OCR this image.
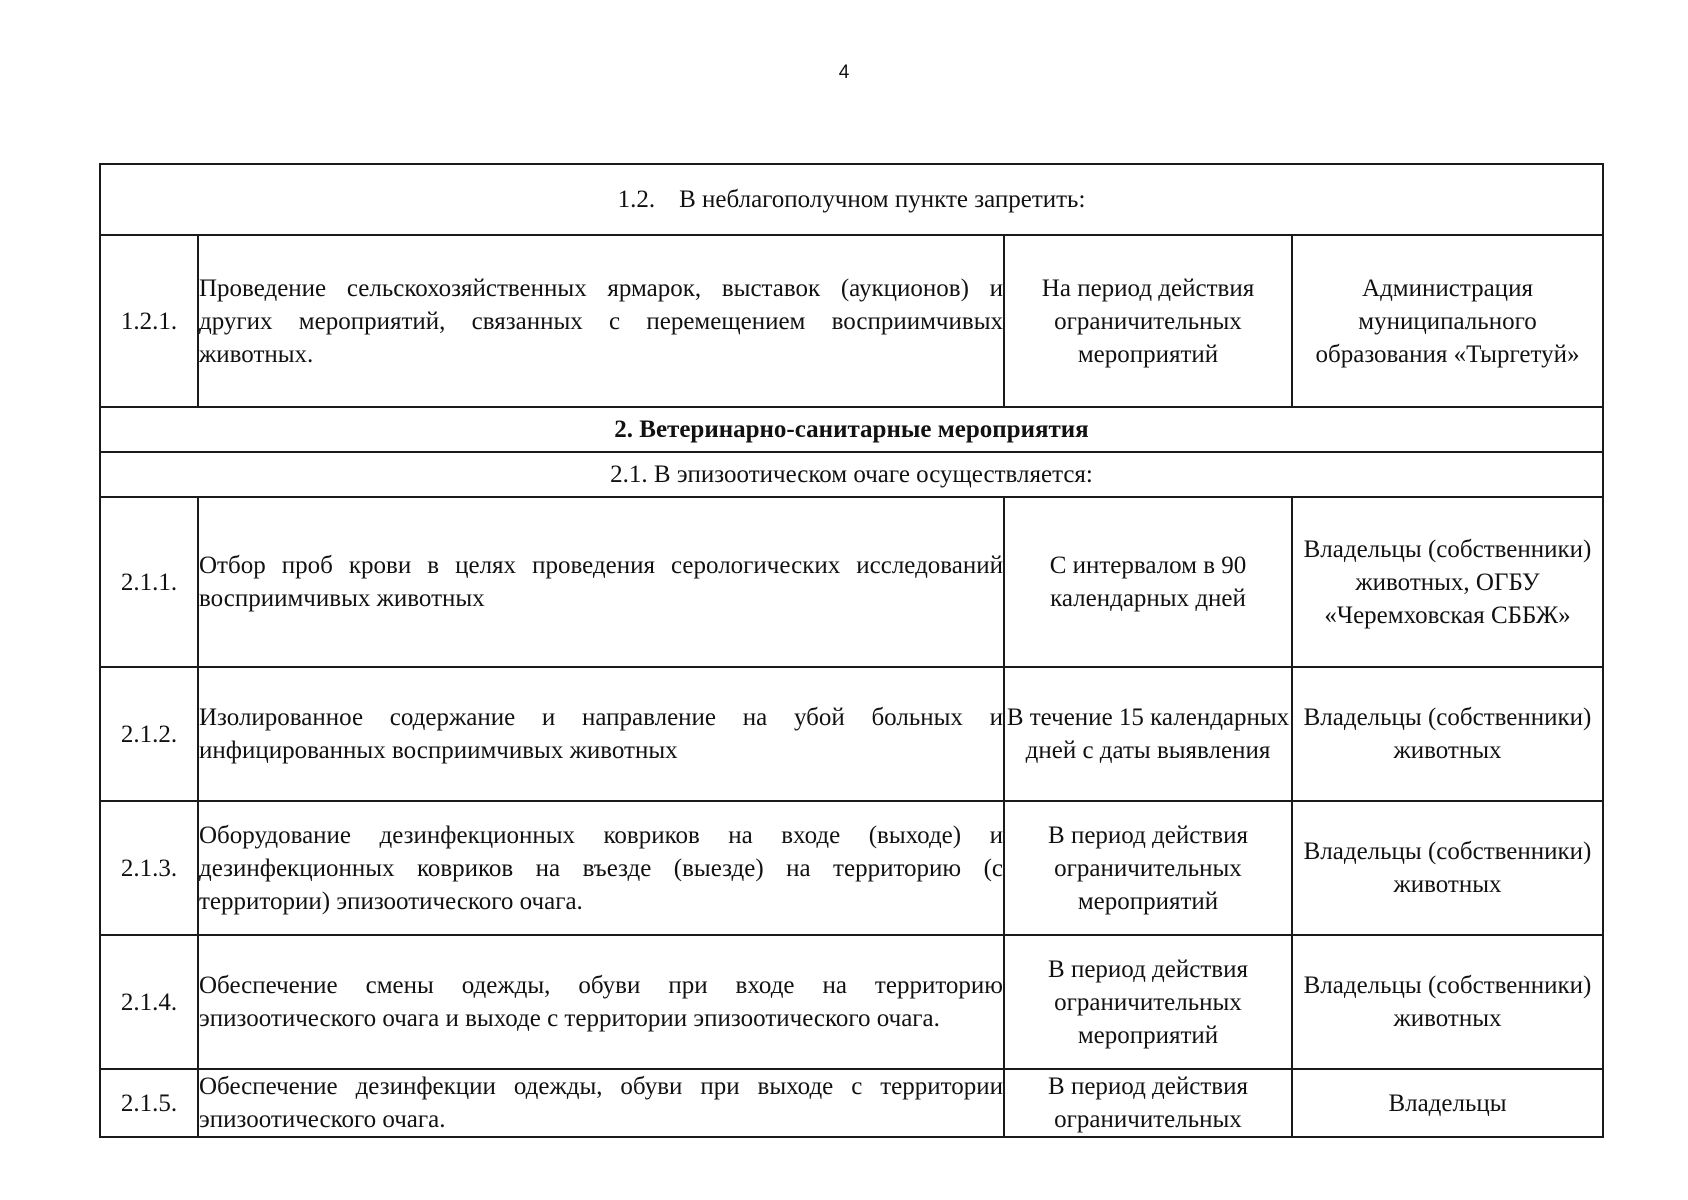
4
1.2. В неблагополучном пункте запретить:			
1.2.1.	Проведение сельскохозяйственных ярмарок, выставок (аукционов) и других мероприятий, связанных с перемещением восприимчивых животных.	На период действия ограничительных мероприятий	Администрация муниципального образования «Тыргетуй»
2. Ветеринарно-санитарные мероприятия			
2.1. В эпизоотическом очаге осуществляется:			
2.1.1.	Отбор проб крови в целях проведения серологических исследований восприимчивых животных	С интервалом в 90 календарных дней	Владельцы (собственники) животных, ОГБУ «Черемховская СББЖ»
2.1.2.	Изолированное содержание и направление на убой больных и инфицированных восприимчивых животных	В течение 15 календарных дней с даты выявления	Владельцы (собственники) животных
2.1.3.	Оборудование дезинфекционных ковриков на входе (выходе) и дезинфекционных ковриков на въезде (выезде) на территорию (с территории) эпизоотического очага.	В период действия ограничительных мероприятий	Владельцы (собственники) животных
2.1.4.	Обеспечение смены одежды, обуви при входе на территорию эпизоотического очага и выходе с территории эпизоотического очага.	В период действия ограничительных мероприятий	Владельцы (собственники) животных
2.1.5.	Обеспечение дезинфекции одежды, обуви при выходе с территории эпизоотического очага.	В период действия ограничительных	Владельцы
